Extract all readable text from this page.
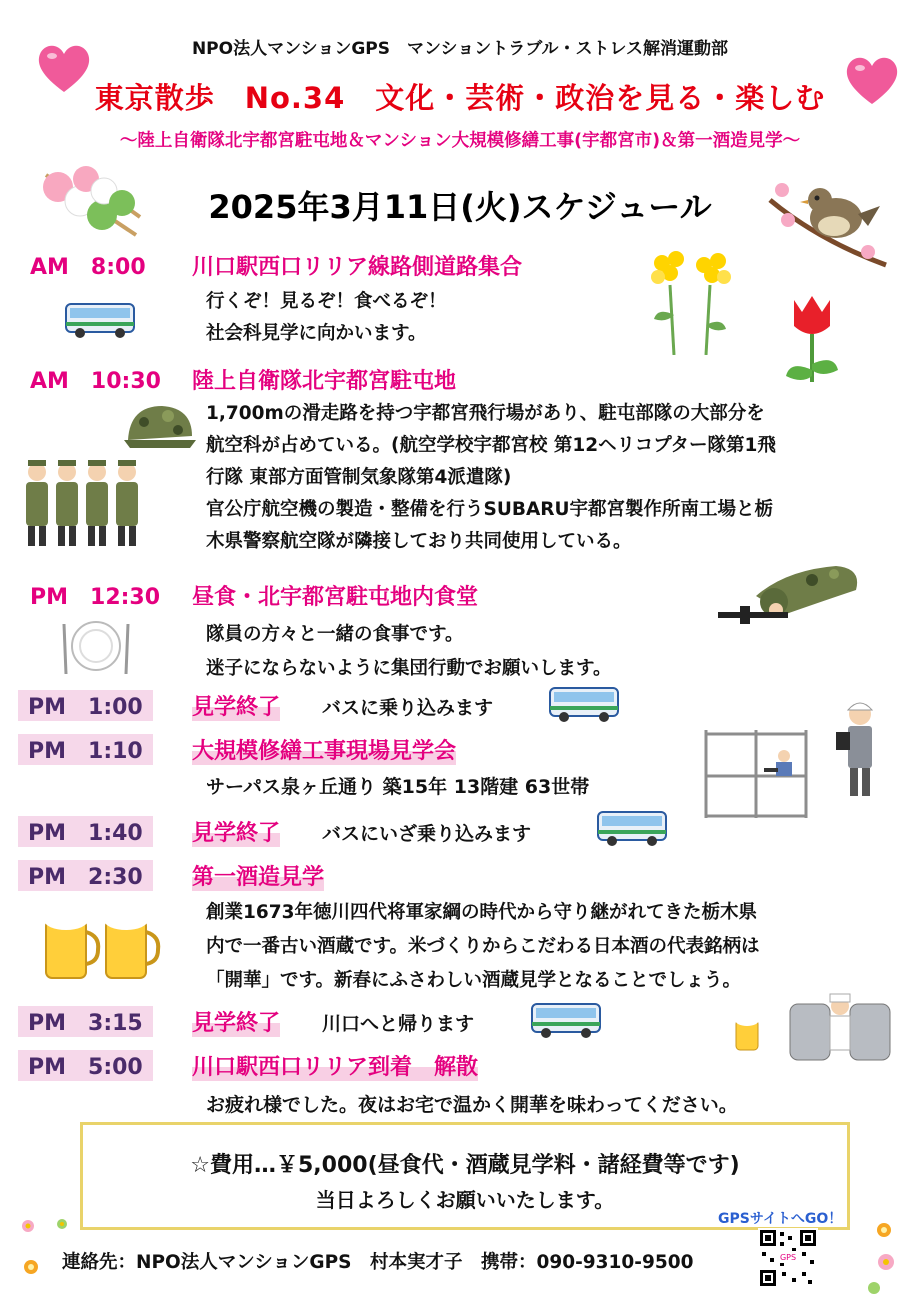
NPO法人マンションGPS　マンショントラブル・ストレス解消運動部
東京散歩　No.34　文化・芸術・政治を見る・楽しむ
～陸上自衛隊北宇都宮駐屯地＆マンション大規模修繕工事(宇都宮市)＆第一酒造見学～
2025年3月11日(火)スケジュール
AM　8:00 川口駅西口リリア線路側道路集合
行くぞ！見るぞ！食べるぞ！
社会科見学に向かいます。
AM　10:30 陸上自衛隊北宇都宮駐屯地
1,700mの滑走路を持つ宇都宮飛行場があり、駐屯部隊の大部分を
航空科が占めている。(航空学校宇都宮校 第12ヘリコプター隊第1飛
行隊 東部方面管制気象隊第4派遣隊)
官公庁航空機の製造・整備を行うSUBARU宇都宮製作所南工場と栃
木県警察航空隊が隣接しており共同使用している。
PM　12:30 昼食・北宇都宮駐屯地内食堂
隊員の方々と一緒の食事です。
迷子にならないように集団行動でお願いします。
PM　1:00	見学終了 バスに乗り込みます
PM　1:10	大規模修繕工事現場見学会
サーパス泉ヶ丘通り 築15年 13階建 63世帯
PM　1:40	見学終了 バスにいざ乗り込みます
PM　2:30	第一酒造見学
創業1673年徳川四代将軍家綱の時代から守り継がれてきた栃木県
内で一番古い酒蔵です。米づくりからこだわる日本酒の代表銘柄は
「開華」です。新春にふさわしい酒蔵見学となることでしょう。
PM　3:15	見学終了 川口へと帰ります
PM　5:00	川口駅西口リリア到着　解散
お疲れ様でした。夜はお宅で温かく開華を味わってください。
☆費用…￥5,000(昼食代・酒蔵見学料・諸経費等です)
当日よろしくお願いいたします。
GPSサイトへGO！
連絡先：NPO法人マンションGPS　村本実才子　携帯：090-9310-9500	GPS
